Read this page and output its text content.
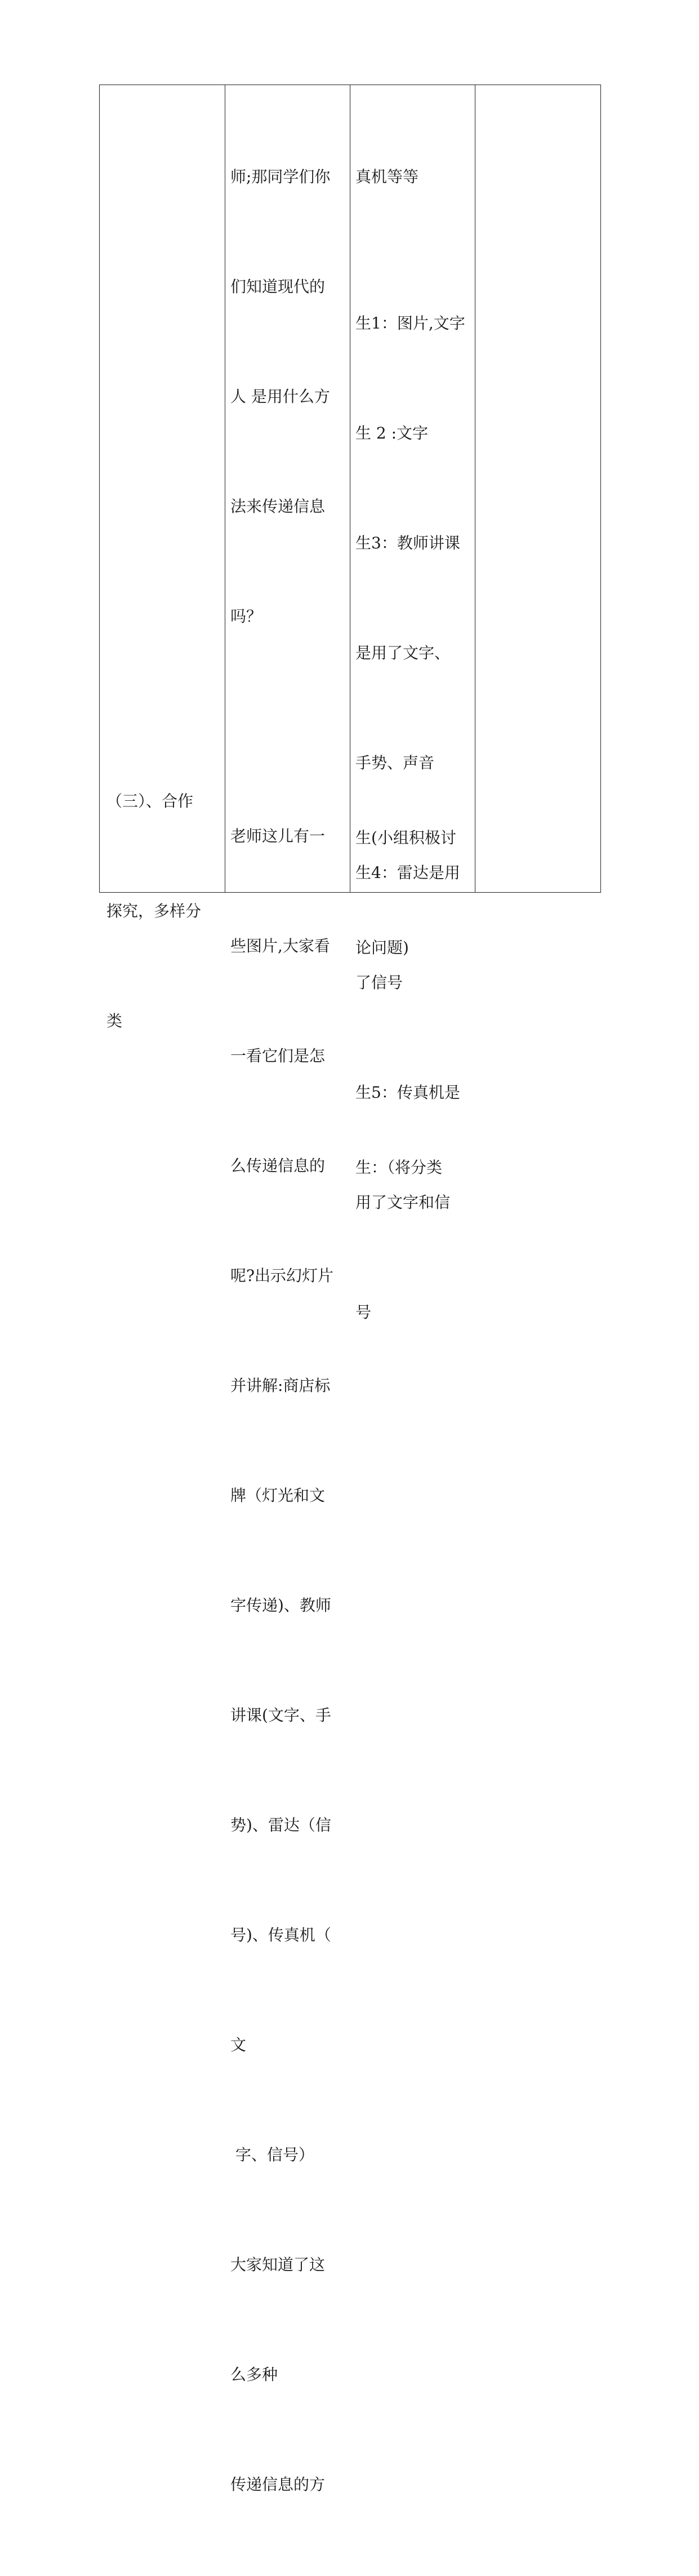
（三）、合作

探究，多样分

类

师;那同学们你

们知道现代的

人 是用什么方

法来传递信息

吗？

老师这儿有一

些图片,大家看

一看它们是怎

么传递信息的

呢?出示幻灯片

并讲解:商店标

牌（灯光和文

字传递)、教师

讲课(文字、手

势)、雷达（信

号)、传真机（

文

字、信号）

大家知道了这

么多种

传递信息的方

真机等等

生1：图片,文字

生 2 :文字

生3：教师讲课

是用了文字、

手势、声音

生4：雷达是用

了信号

生5：传真机是

用了文字和信

号

生(小组积极讨

论问题)

生：（将分类
